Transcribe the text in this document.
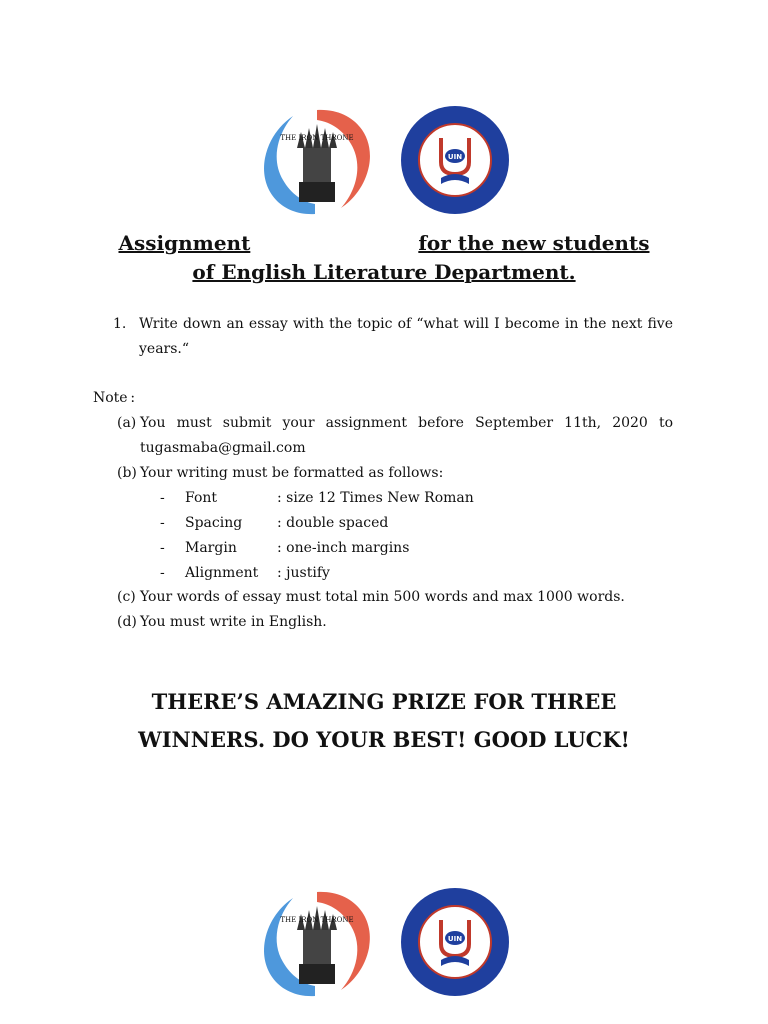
THE IRON THRONE
UIN
Assignment	for the new students
of English Literature Department.
1. Write down an essay with the topic of “what will I become in the next five years.“
Note :
(a) You must submit your assignment before September 11th, 2020 to tugasmaba@gmail.com
(b) Your writing must be formatted as follows:
-	Font	: size 12 Times New Roman
-	Spacing	: double spaced
-	Margin	: one-inch margins
-	Alignment	: justify
(c) Your words of essay must total min 500 words and max 1000 words.
(d) You must write in English.
THERE’S AMAZING PRIZE FOR THREE
WINNERS. DO YOUR BEST! GOOD LUCK!
THE IRON THRONE
UIN
